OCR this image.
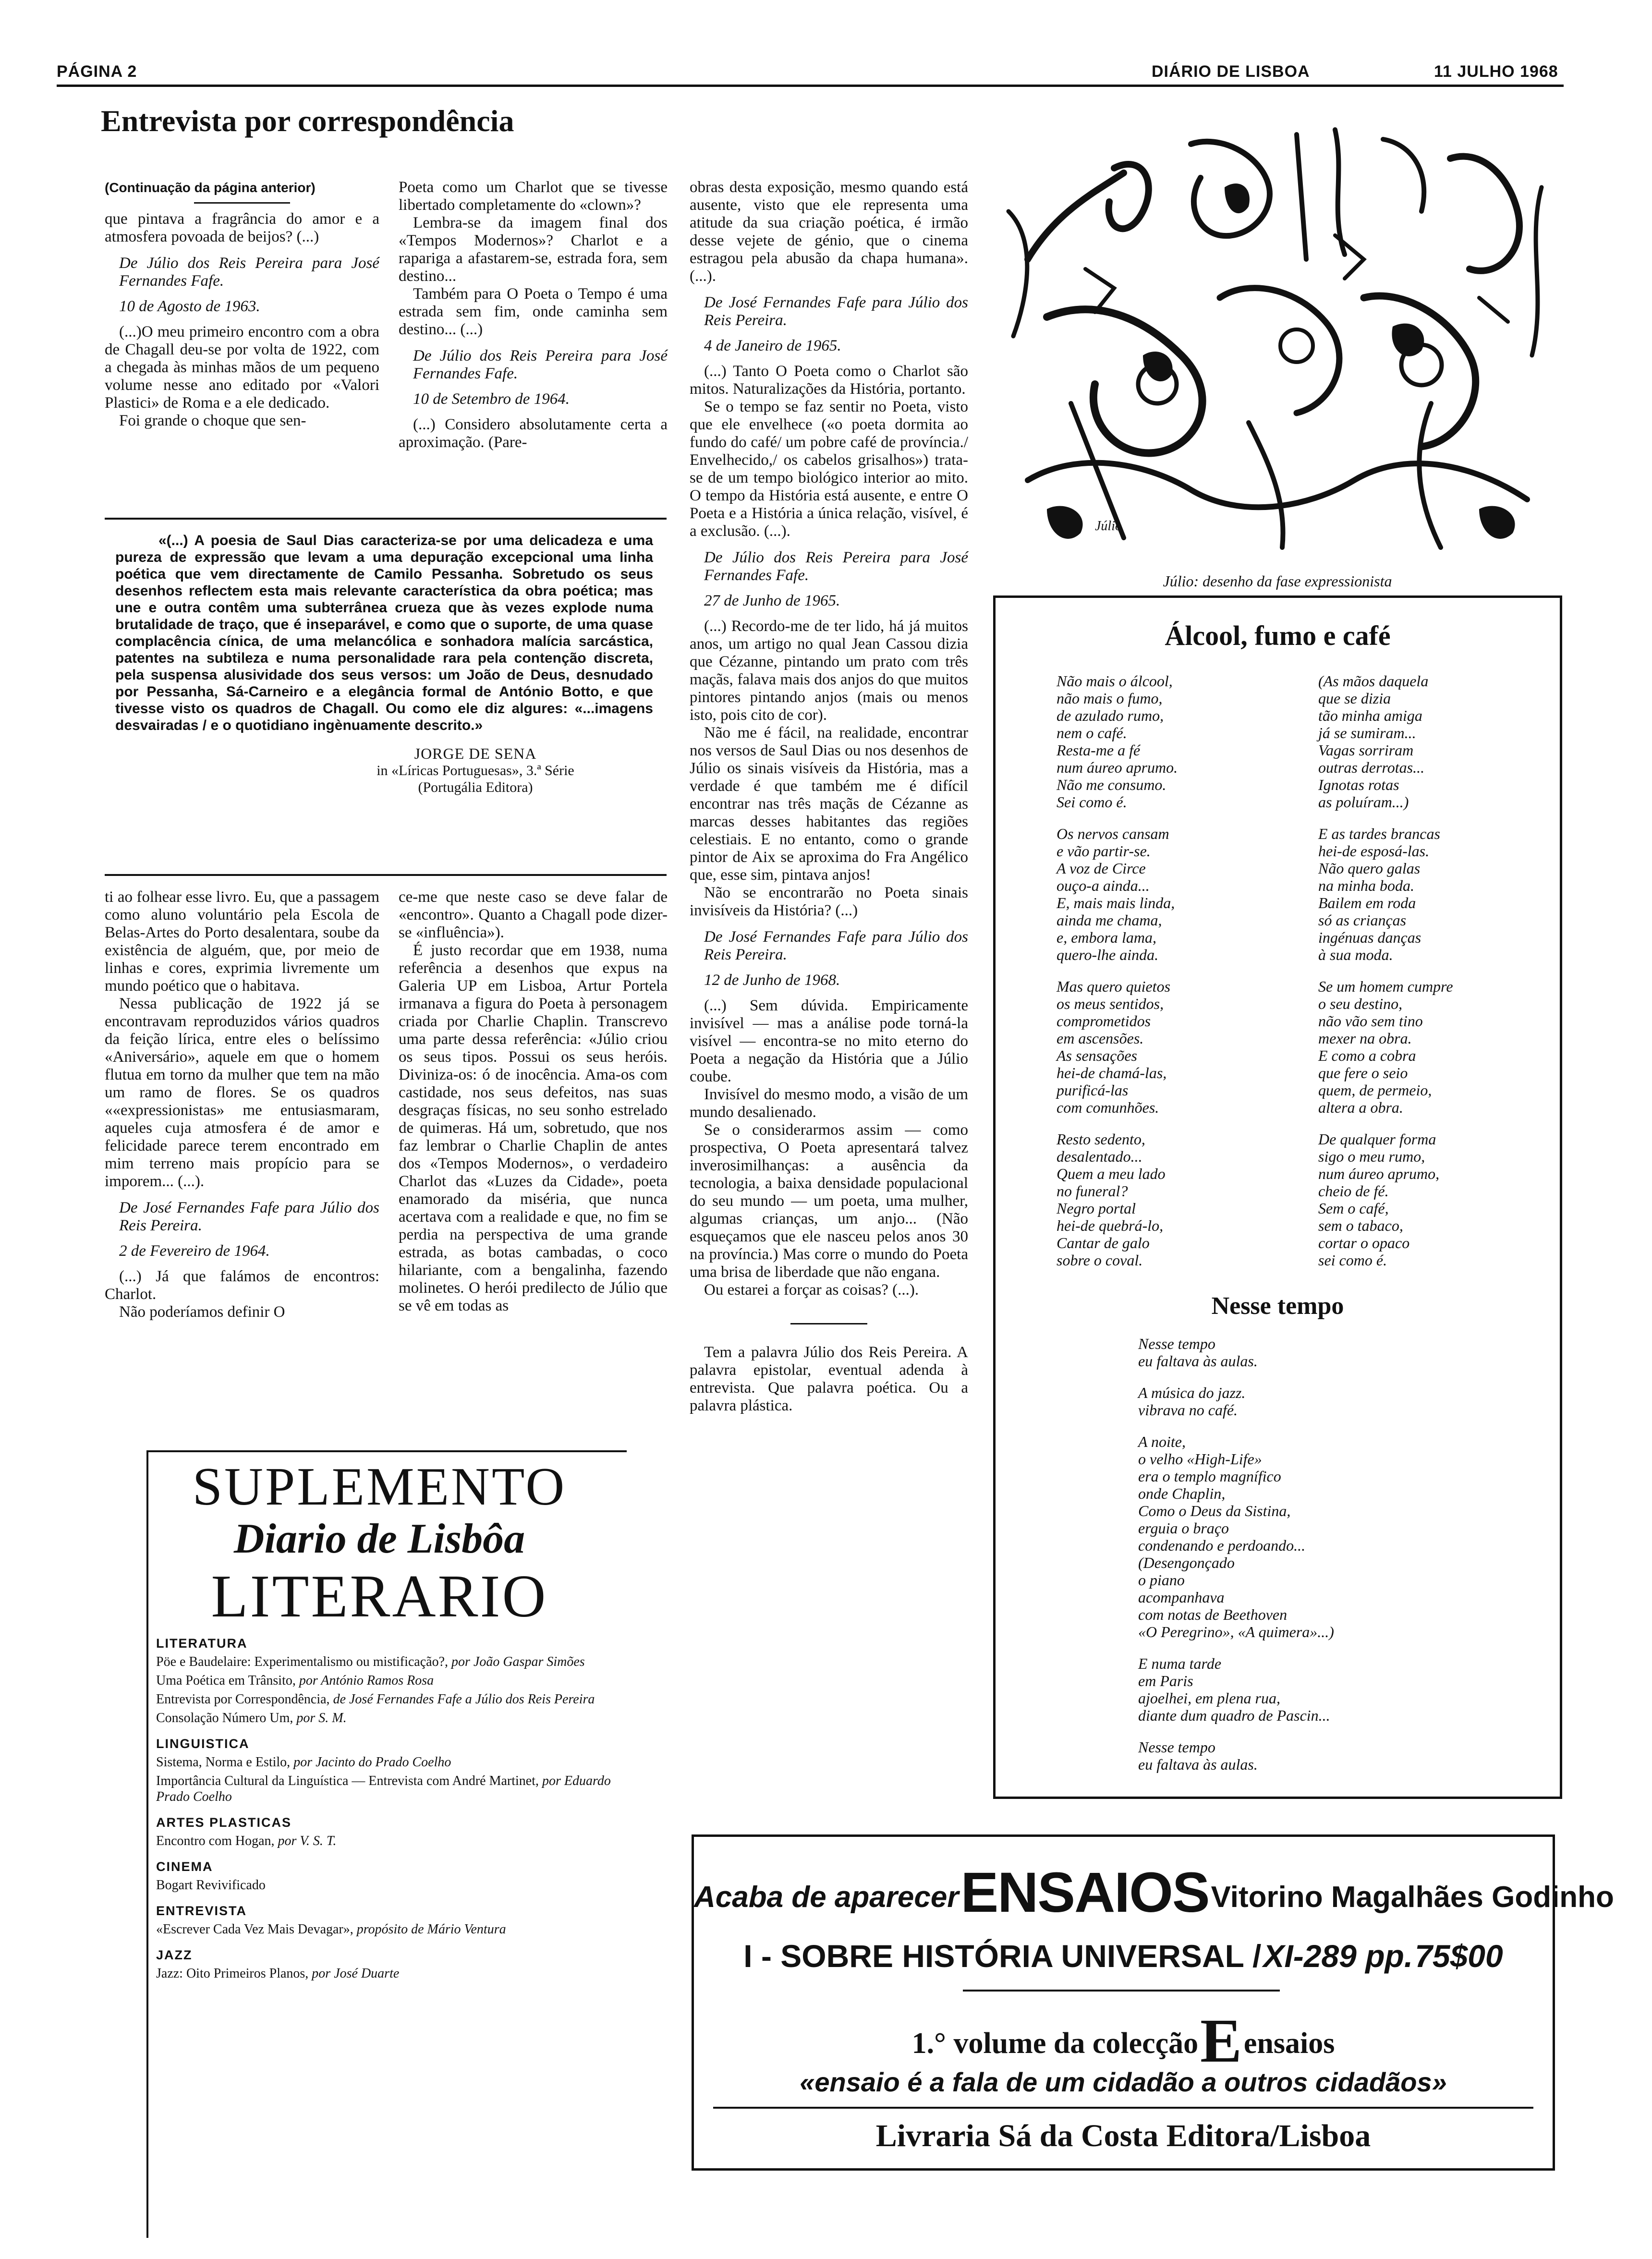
PÁGINA 2	DIÁRIO DE LISBOA	11 JULHO 1968
Entrevista por correspondência

(Continuação da página anterior)

que pintava a fragrância do amor e a atmosfera povoada de beijos? (...)

De Júlio dos Reis Pereira para José Fernandes Fafe.

10 de Agosto de 1963.

(...)O meu primeiro encontro com a obra de Chagall deu-se por volta de 1922, com a chegada às minhas mãos de um pequeno volume nesse ano editado por «Valori Plastici» de Roma e a ele dedicado.

Foi grande o choque que sen-

Poeta como um Charlot que se tivesse libertado completamente do «clown»?

Lembra-se da imagem final dos «Tempos Modernos»? Charlot e a rapariga a afastarem-se, estrada fora, sem destino...

Também para O Poeta o Tempo é uma estrada sem fim, onde caminha sem destino... (...)

De Júlio dos Reis Pereira para José Fernandes Fafe.

10 de Setembro de 1964.

(...) Considero absolutamente certa a aproximação. (Pare-

«(...) A poesia de Saul Dias caracteriza-se por uma delicadeza e uma pureza de expressão que levam a uma depuração excepcional uma linha poética que vem directamente de Camilo Pessanha. Sobretudo os seus desenhos reflectem esta mais relevante característica da obra poética; mas une e outra contêm uma subterrânea crueza que às vezes explode numa brutalidade de traço, que é inseparável, e como que o suporte, de uma quase complacência cínica, de uma melancólica e sonhadora malícia sarcástica, patentes na subtileza e numa personalidade rara pela contenção discreta, pela suspensa alusividade dos seus versos: um João de Deus, desnudado por Pessanha, Sá-Carneiro e a elegância formal de António Botto, e que tivesse visto os quadros de Chagall. Ou como ele diz algures: «...imagens desvairadas / e o quotidiano ingènuamente descrito.»
JORGE DE SENA
in «Líricas Portuguesas», 3.ª Série
(Portugália Editora)

ti ao folhear esse livro. Eu, que a passagem como aluno voluntário pela Escola de Belas-Artes do Porto desalentara, soube da existência de alguém, que, por meio de linhas e cores, exprimia livremente um mundo poético que o habitava.

Nessa publicação de 1922 já se encontravam reproduzidos vários quadros da feição lírica, entre eles o belíssimo «Aniversário», aquele em que o homem flutua em torno da mulher que tem na mão um ramo de flores. Se os quadros ««expressionistas» me entusiasmaram, aqueles cuja atmosfera é de amor e felicidade parece terem encontrado em mim terreno mais propício para se imporem... (...).

De José Fernandes Fafe para Júlio dos Reis Pereira.

2 de Fevereiro de 1964.

(...) Já que falámos de encontros: Charlot.

Não poderíamos definir O

ce-me que neste caso se deve falar de «encontro». Quanto a Chagall pode dizer-se «influência»).

É justo recordar que em 1938, numa referência a desenhos que expus na Galeria UP em Lisboa, Artur Portela irmanava a figura do Poeta à personagem criada por Charlie Chaplin. Transcrevo uma parte dessa referência: «Júlio criou os seus tipos. Possui os seus heróis. Diviniza-os: ó de inocência. Ama-os com castidade, nos seus defeitos, nas suas desgraças físicas, no seu sonho estrelado de quimeras. Há um, sobretudo, que nos faz lembrar o Charlie Chaplin de antes dos «Tempos Modernos», o verdadeiro Charlot das «Luzes da Cidade», poeta enamorado da miséria, que nunca acertava com a realidade e que, no fim se perdia na perspectiva de uma grande estrada, as botas cambadas, o coco hilariante, com a bengalinha, fazendo molinetes. O herói predilecto de Júlio que se vê em todas as

obras desta exposição, mesmo quando está ausente, visto que ele representa uma atitude da sua criação poética, é irmão desse vejete de génio, que o cinema estragou pela abusão da chapa humana». (...).

De José Fernandes Fafe para Júlio dos Reis Pereira.

4 de Janeiro de 1965.

(...) Tanto O Poeta como o Charlot são mitos. Naturalizações da História, portanto.

Se o tempo se faz sentir no Poeta, visto que ele envelhece («o poeta dormita ao fundo do café/ um pobre café de província./ Envelhecido,/ os cabelos grisalhos») trata-se de um tempo biológico interior ao mito. O tempo da História está ausente, e entre O Poeta e a História a única relação, visível, é a exclusão. (...).

De Júlio dos Reis Pereira para José Fernandes Fafe.

27 de Junho de 1965.

(...) Recordo-me de ter lido, há já muitos anos, um artigo no qual Jean Cassou dizia que Cézanne, pintando um prato com três maçãs, falava mais dos anjos do que muitos pintores pintando anjos (mais ou menos isto, pois cito de cor).

Não me é fácil, na realidade, encontrar nos versos de Saul Dias ou nos desenhos de Júlio os sinais visíveis da História, mas a verdade é que também me é difícil encontrar nas três maçãs de Cézanne as marcas desses habitantes das regiões celestiais. E no entanto, como o grande pintor de Aix se aproxima do Fra Angélico que, esse sim, pintava anjos!

Não se encontrarão no Poeta sinais invisíveis da História? (...)

De José Fernandes Fafe para Júlio dos Reis Pereira.

12 de Junho de 1968.

(...) Sem dúvida. Empiricamente invisível — mas a análise pode torná-la visível — encontra-se no mito eterno do Poeta a negação da História que a Júlio coube.

Invisível do mesmo modo, a visão de um mundo desalienado.

Se o considerarmos assim — como prospectiva, O Poeta apresentará talvez inverosimilhanças: a ausência da tecnologia, a baixa densidade populacional do seu mundo — um poeta, uma mulher, algumas crianças, um anjo... (Não esqueçamos que ele nasceu pelos anos 30 na província.) Mas corre o mundo do Poeta uma brisa de liberdade que não engana.

Ou estarei a forçar as coisas? (...).

Tem a palavra Júlio dos Reis Pereira. A palavra epistolar, eventual adenda à entrevista. Que palavra poética. Ou a palavra plástica.

Júlio
Júlio: desenho da fase expressionista
Álcool, fumo e café
Não mais o álcool,
não mais o fumo,
de azulado rumo,
nem o café.
Resta-me a fé
num áureo aprumo.
Não me consumo.
Sei como é.
Os nervos cansam
e vão partir-se.
A voz de Circe
ouço-a ainda...
E, mais mais linda,
ainda me chama,
e, embora lama,
quero-lhe ainda.
Mas quero quietos
os meus sentidos,
comprometidos
em ascensões.
As sensações
hei-de chamá-las,
purificá-las
com comunhões.
Resto sedento,
desalentado...
Quem a meu lado
no funeral?
Negro portal
hei-de quebrá-lo,
Cantar de galo
sobre o coval.
(As mãos daquela
que se dizia
tão minha amiga
já se sumiram...
Vagas sorriram
outras derrotas...
Ignotas rotas
as poluíram...)
E as tardes brancas
hei-de esposá-las.
Não quero galas
na minha boda.
Bailem em roda
só as crianças
ingénuas danças
à sua moda.
Se um homem cumpre
o seu destino,
não vão sem tino
mexer na obra.
E como a cobra
que fere o seio
quem, de permeio,
altera a obra.
De qualquer forma
sigo o meu rumo,
num áureo aprumo,
cheio de fé.
Sem o café,
sem o tabaco,
cortar o opaco
sei como é.
Nesse tempo
Nesse tempo
eu faltava às aulas.
A música do jazz.
vibrava no café.
A noite,
o velho «High-Life»
era o templo magnífico
onde Chaplin,
Como o Deus da Sistina,
erguia o braço
condenando e perdoando...
(Desengonçado
o piano
acompanhava
com notas de Beethoven
«O Peregrino», «A quimera»...)
E numa tarde
em Paris
ajoelhei, em plena rua,
diante dum quadro de Pascin...
Nesse tempo
eu faltava às aulas.
SUPLEMENTO
Diario de Lisbôa
LITERARIO
LITERATURA
Pöe e Baudelaire: Experimentalismo ou mistificação?, por João Gaspar Simões
Uma Poética em Trânsito, por António Ramos Rosa
Entrevista por Correspondência, de José Fernandes Fafe a Júlio dos Reis Pereira
Consolação Número Um, por S. M.
LINGUISTICA
Sistema, Norma e Estilo, por Jacinto do Prado Coelho
Importância Cultural da Linguística — Entrevista com André Martinet, por Eduardo Prado Coelho
ARTES PLASTICAS
Encontro com Hogan, por V. S. T.
CINEMA
Bogart Revivificado
ENTREVISTA
«Escrever Cada Vez Mais Devagar», propósito de Mário Ventura
JAZZ
Jazz: Oito Primeiros Planos, por José Duarte
Acaba de aparecer ENSAIOS Vitorino Magalhães Godinho
I - SOBRE HISTÓRIA UNIVERSAL / XI-289 pp. 75$00
1.° volume da colecção E ensaios
«ensaio é a fala de um cidadão a outros cidadãos»
Livraria Sá da Costa Editora/Lisboa
